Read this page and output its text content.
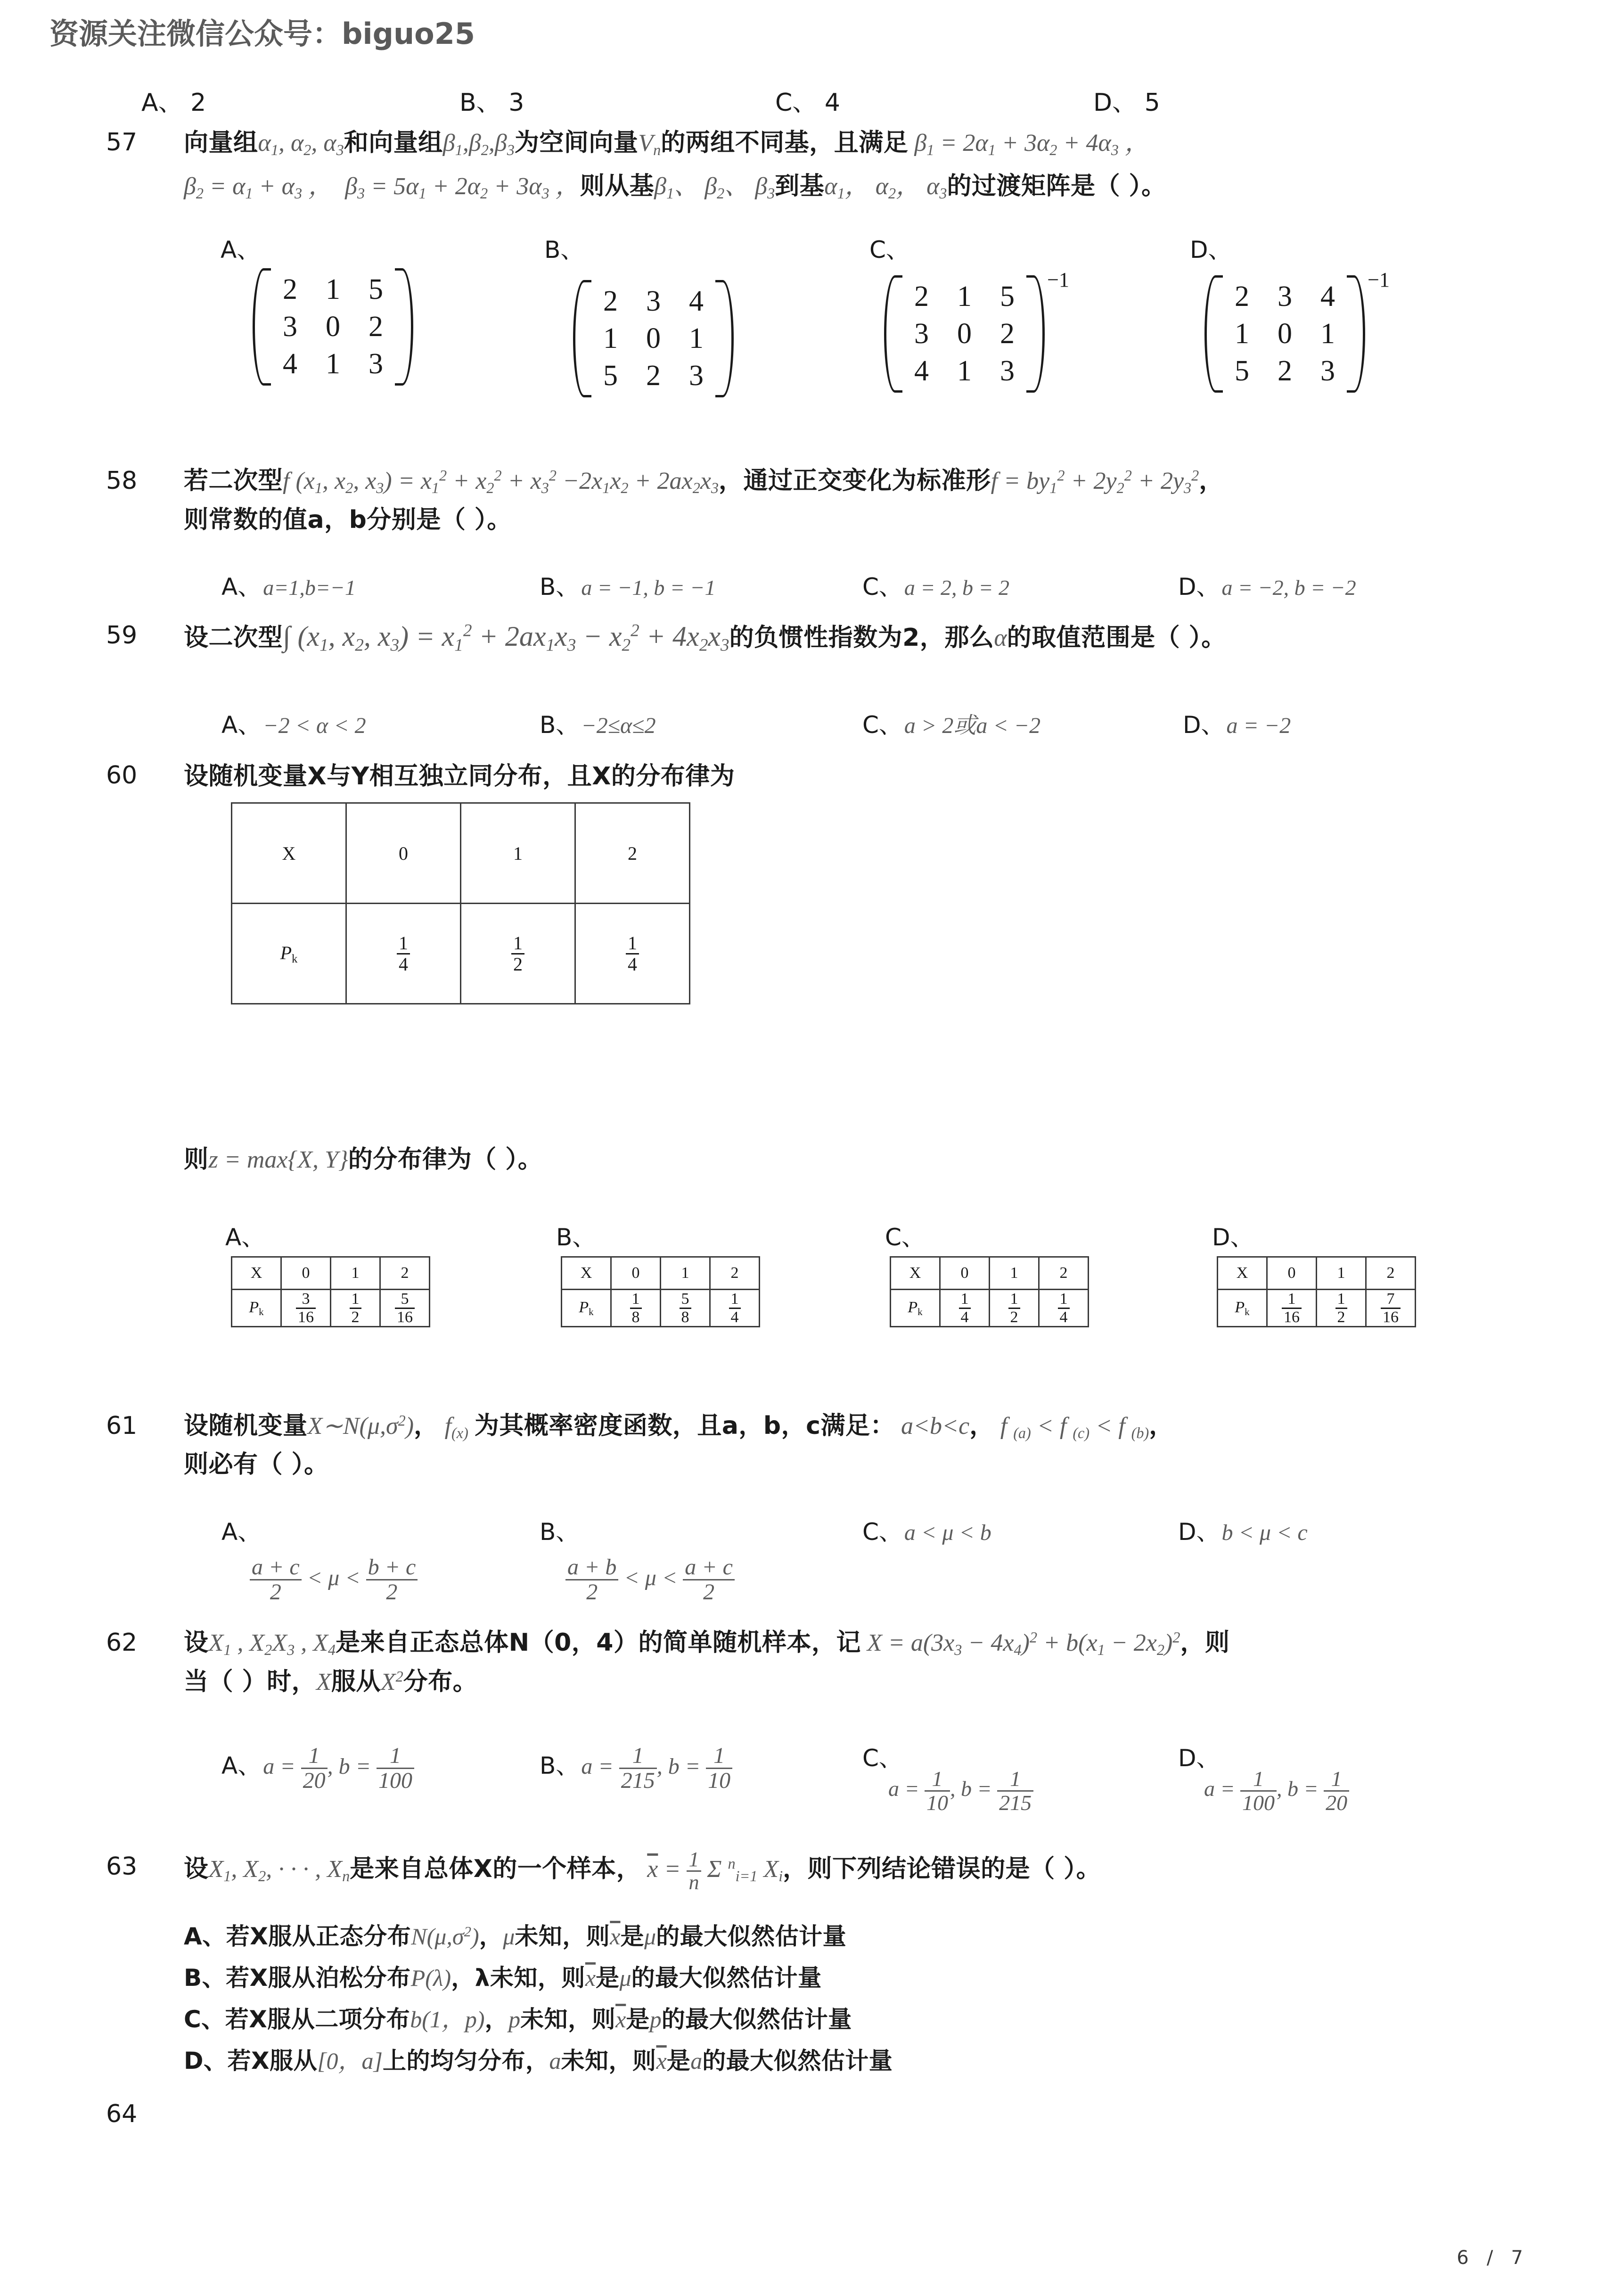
资源关注微信公众号：biguo25
A、 2	B、 3	C、 4	D、 5
57 向量组$\alpha_1$, $\alpha_2$, $\alpha_3$和向量组$\beta_1,\beta_2,\beta_3$为空间向量$V_n$的两组不同基，且满足 $\beta_1 = 2\alpha_1 + 3\alpha_2 + 4\alpha_3$ ，
$\beta_2 = \alpha_1 + \alpha_3$ ，  $\beta_3 = 5\alpha_1 + 2\alpha_2 + 3\alpha_3$ ，则从基$\beta_1$、 $\beta_2$、 $\beta_3$到基$\alpha_1$， $\alpha_2$， $\alpha_3$的过渡矩阵是（ ）。
A、	B、	C、	D、
2	1	5
3	0	2
4	1	3
2	3	4
1	0	1
5	2	3
2	1	5
3	0	2
4	1	3
−1
2	3	4
1	0	1
5	2	3
−1
58 若二次型f ($x_1$, $x_2$, $x_3) = x_1^2 + x_2^2 + x_3^2 -2x_1x_2 + 2ax_2x_3$，通过正交变化为标准形$f = by_1^2 + 2y_2^2 + 2y_3^2$，
则常数的值a，b分别是（ ）。
A、 a=1,b=−1	B、 a = −1, b = −1	C、 a = 2, b = 2	D、 a = −2, b = −2
59 设二次型∫ ($x_1$, $x_2$, $x_3) = x_1^2 + 2ax_1x_3 - x_2^2 + 4x_2x_3$的负惯性指数为2，那么α的取值范围是（ ）。
A、 −2 < α < 2	B、 −2≤α≤2	C、 a > 2或a < −2	D、 a = −2
60 设随机变量X与Y相互独立同分布，且X的分布律为
X	0	1	2
$P_k$	$\frac{1}{4}$	$\frac{1}{2}$	$\frac{1}{4}$
则z = max{X, Y}的分布律为（ ）。
A、	B、	C、	D、
X	0	1	2
$P_k$	$\frac{3}{16}$	$\frac{1}{2}$	$\frac{5}{16}$
X	0	1	2
$P_k$	$\frac{1}{8}$	$\frac{5}{8}$	$\frac{1}{4}$
X	0	1	2
$P_k$	$\frac{1}{4}$	$\frac{1}{2}$	$\frac{1}{4}$
X	0	1	2
$P_k$	$\frac{1}{16}$	$\frac{1}{2}$	$\frac{7}{16}$
61 设随机变量$X\sim N(\mu,\sigma^2)$， $f_{(x)}$ 为其概率密度函数，且a，b，c满足： a<b<c， f $_{(a)}$ < f $_{(c)}$ < f $_{(b)}$，
则必有（ ）。
A、	B、	C、 a < μ < b	D、 b < μ < c
$\frac{a + c}{2} < \mu < \frac{b + c}{2}$	$\frac{a + b}{2} < \mu < \frac{a + c}{2}$
62 设$X_1$ , $X_2X_3$ , $X_4$是来自正态总体N（0，4）的简单随机样本，记 $X = a(3x_3 - 4x_4)^2 + b(x_1 - 2x_2)^2$，则
当（ ）时，X服从$X^2$分布。
A、 $a = \frac{1}{20}$ , $b = \frac{1}{100}$	B、 $a = \frac{1}{215}$ , $b = \frac{1}{10}$	C、
$a = \frac{1}{10}$ , $b = \frac{1}{215}$
D、
$a = \frac{1}{100}$ , $b = \frac{1}{20}$
63 设$X_1$, $X_2$, · · · , $X_n$是来自总体X的一个样本， $\overline{x} = \frac{1}{n}$ Σ $^n_{i=1}$ $X_i$，则下列结论错误的是（ ）。
A、若X服从正态分布$N(\mu,\sigma^2)$，μ未知，则$\overline{x}$是μ的最大似然估计量
B、若X服从泊松分布P(λ)，λ未知，则$\overline{x}$是μ的最大似然估计量
C、若X服从二项分布b(1，p)，p未知，则$\overline{x}$是p的最大似然估计量
D、若X服从[0，a]上的均匀分布，a未知，则$\overline{x}$是a的最大似然估计量
64
6 / 7
